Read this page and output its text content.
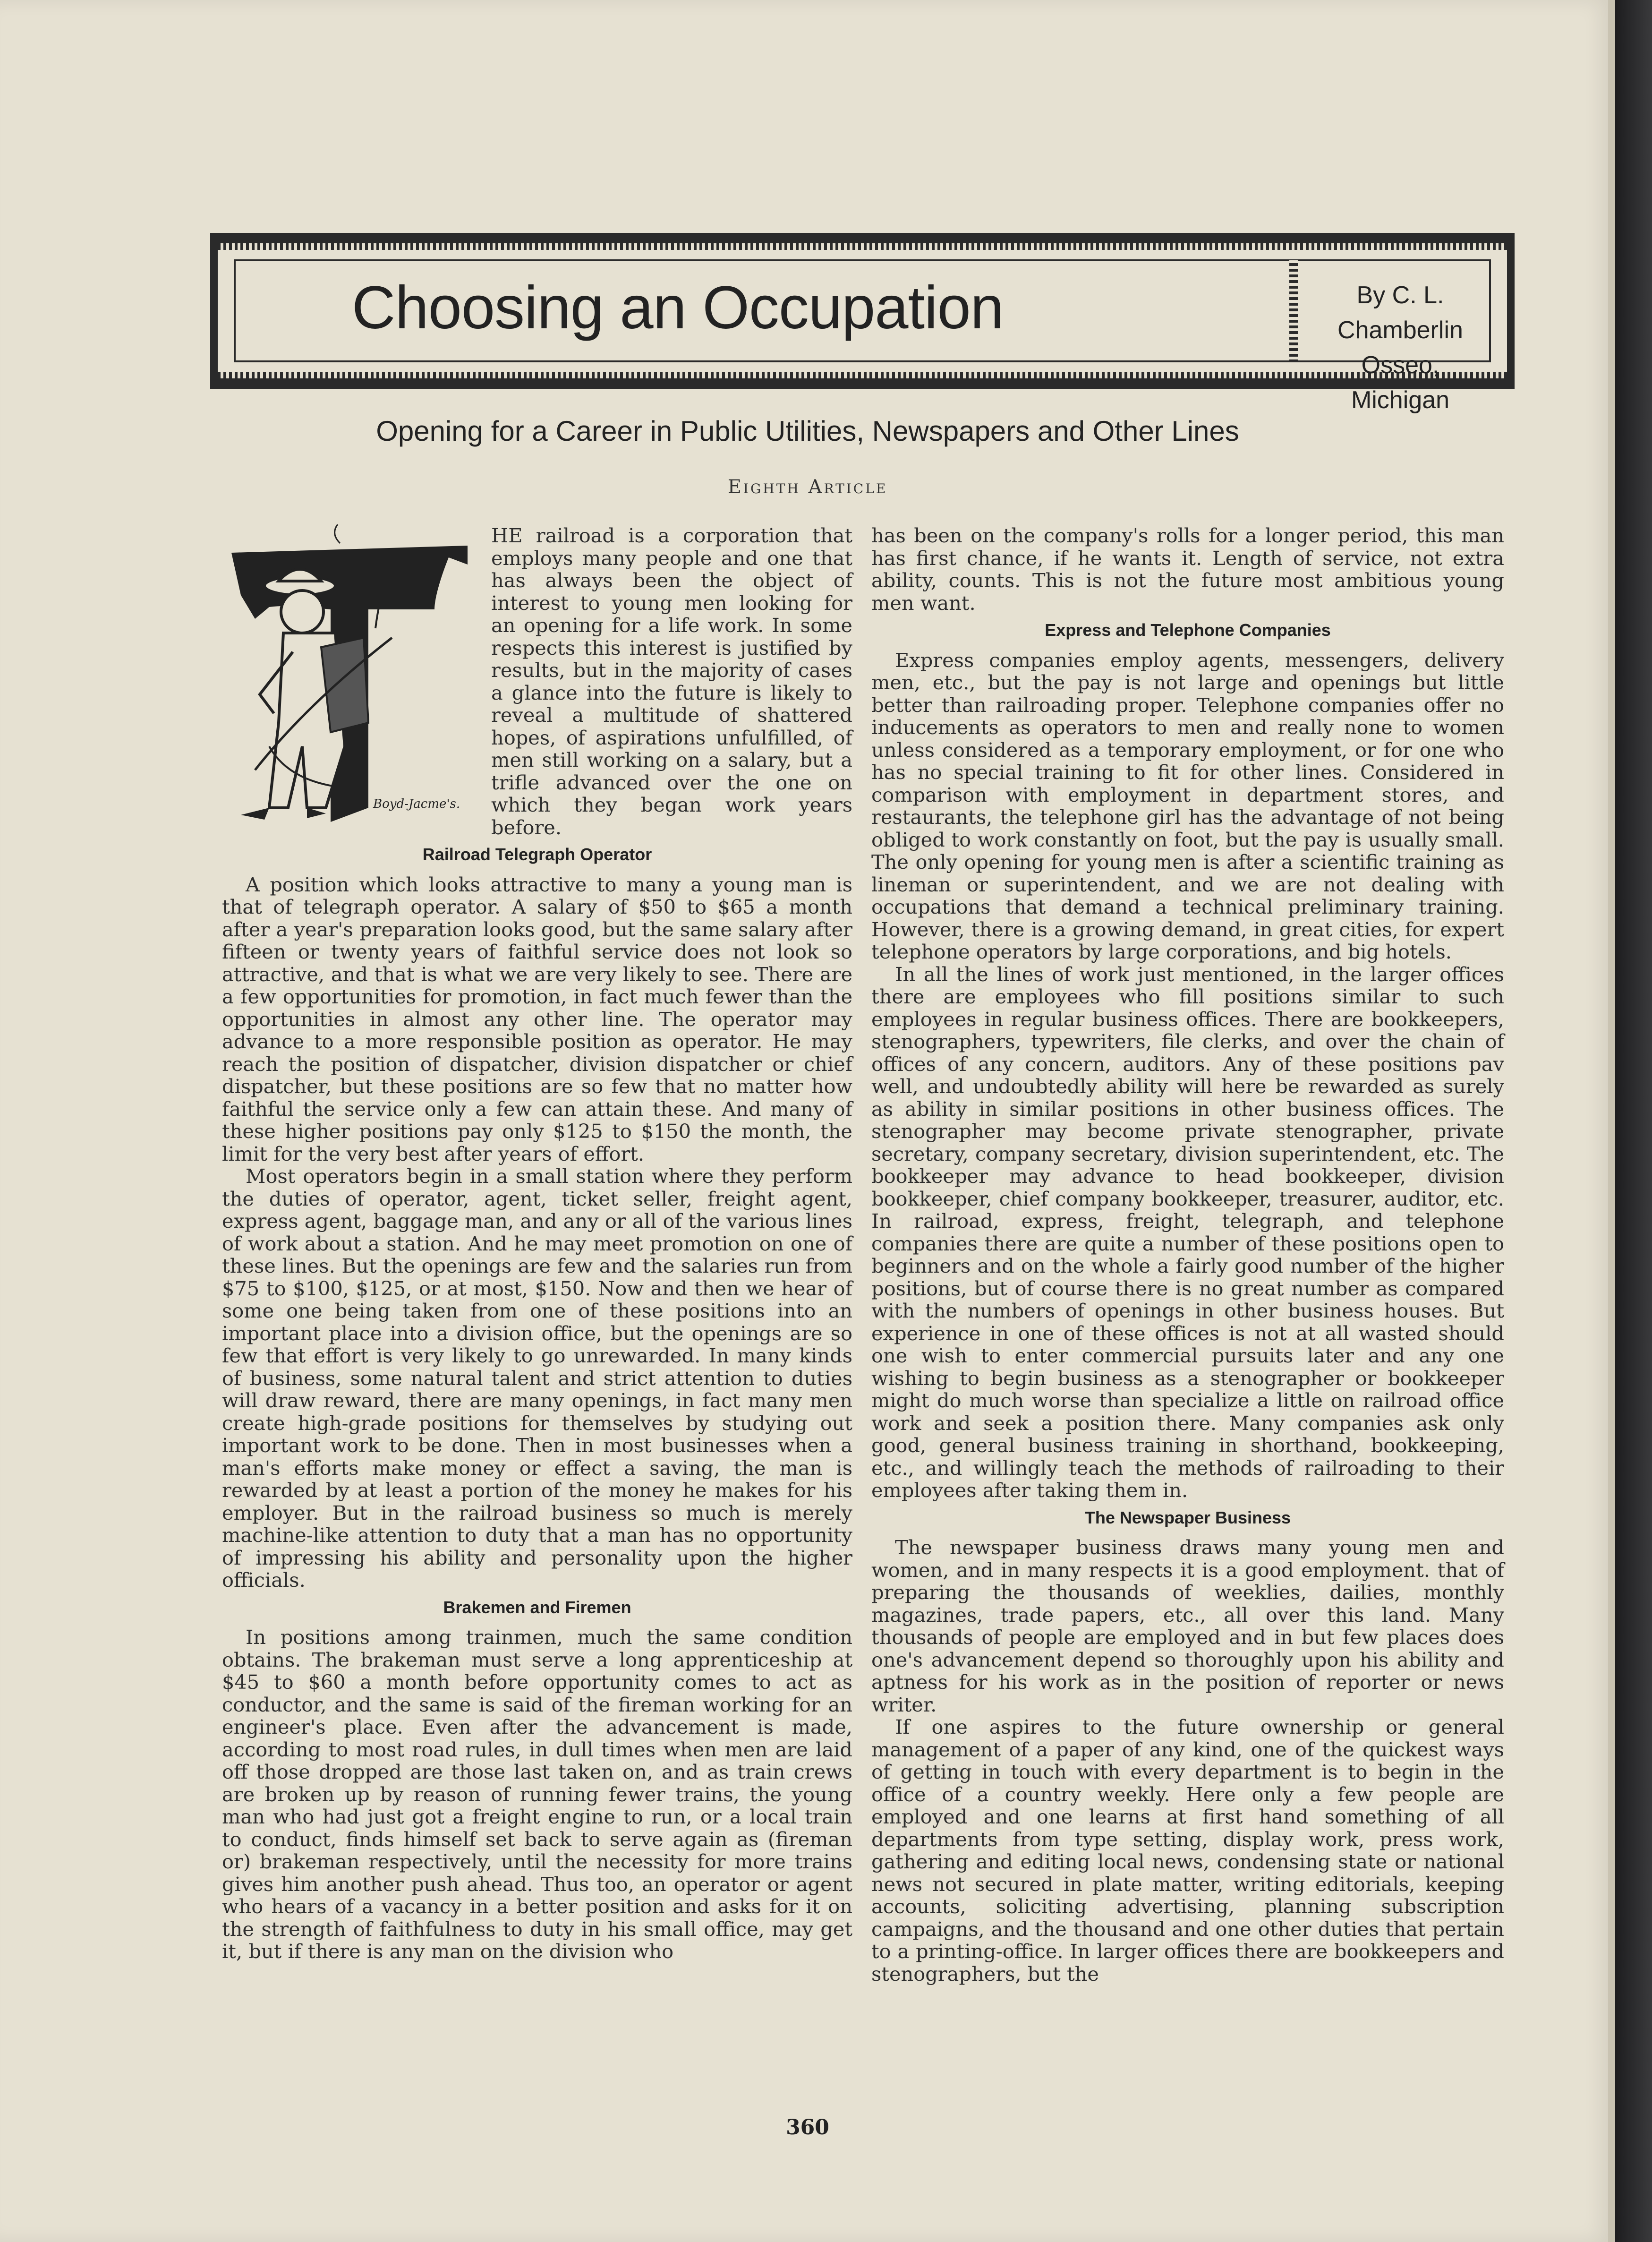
Choosing an Occupation	By C. L. Chamberlin
Osseo, Michigan
Opening for a Career in Public Utilities, Newspapers and Other Lines
Eighth Article
Boyd-Jacme's.

HE railroad is a corporation that employs many people and one that has always been the object of interest to young men looking for an opening for a life work. In some respects this interest is justified by results, but in the majority of cases a glance into the future is likely to reveal a multitude of shattered hopes, of aspirations unfulfilled, of men still working on a salary, but a trifle advanced over the one on which they began work years before.

Railroad Telegraph Operator

A position which looks attractive to many a young man is that of telegraph operator. A salary of $50 to $65 a month after a year's preparation looks good, but the same salary after fifteen or twenty years of faithful service does not look so attractive, and that is what we are very likely to see. There are a few opportunities for promotion, in fact much fewer than the opportunities in almost any other line. The operator may advance to a more responsible position as operator. He may reach the position of dispatcher, division dispatcher or chief dispatcher, but these positions are so few that no matter how faithful the service only a few can attain these. And many of these higher positions pay only $125 to $150 the month, the limit for the very best after years of effort.

Most operators begin in a small station where they perform the duties of operator, agent, ticket seller, freight agent, express agent, baggage man, and any or all of the various lines of work about a station. And he may meet promotion on one of these lines. But the openings are few and the salaries run from $75 to $100, $125, or at most, $150. Now and then we hear of some one being taken from one of these positions into an important place into a division office, but the openings are so few that effort is very likely to go unrewarded. In many kinds of business, some natural talent and strict attention to duties will draw reward, there are many openings, in fact many men create high-grade positions for themselves by studying out important work to be done. Then in most businesses when a man's efforts make money or effect a saving, the man is rewarded by at least a portion of the money he makes for his employer. But in the railroad business so much is merely machine-like attention to duty that a man has no opportunity of impressing his ability and personality upon the higher officials.

Brakemen and Firemen

In positions among trainmen, much the same condition obtains. The brakeman must serve a long apprenticeship at $45 to $60 a month before opportunity comes to act as conductor, and the same is said of the fireman working for an engineer's place. Even after the advancement is made, according to most road rules, in dull times when men are laid off those dropped are those last taken on, and as train crews are broken up by reason of running fewer trains, the young man who had just got a freight engine to run, or a local train to conduct, finds himself set back to serve again as (fireman or) brakeman respectively, until the necessity for more trains gives him another push ahead. Thus too, an operator or agent who hears of a vacancy in a better position and asks for it on the strength of faithfulness to duty in his small office, may get it, but if there is any man on the division who

has been on the company's rolls for a longer period, this man has first chance, if he wants it. Length of service, not extra ability, counts. This is not the future most ambitious young men want.

Express and Telephone Companies

Express companies employ agents, messengers, delivery men, etc., but the pay is not large and openings but little better than railroading proper. Telephone companies offer no inducements as operators to men and really none to women unless considered as a temporary employment, or for one who has no special training to fit for other lines. Considered in comparison with employment in department stores, and restaurants, the telephone girl has the advantage of not being obliged to work constantly on foot, but the pay is usually small. The only opening for young men is after a scientific training as lineman or superintendent, and we are not dealing with occupations that demand a technical preliminary training. However, there is a growing demand, in great cities, for expert telephone operators by large corporations, and big hotels.

In all the lines of work just mentioned, in the larger offices there are employees who fill positions similar to such employees in regular business offices. There are bookkeepers, stenographers, typewriters, file clerks, and over the chain of offices of any concern, auditors. Any of these positions pav well, and undoubtedly ability will here be rewarded as surely as ability in similar positions in other business offices. The stenographer may become private stenographer, private secretary, company secretary, division superintendent, etc. The bookkeeper may advance to head bookkeeper, division bookkeeper, chief company bookkeeper, treasurer, auditor, etc. In railroad, express, freight, telegraph, and telephone companies there are quite a number of these positions open to beginners and on the whole a fairly good number of the higher positions, but of course there is no great number as compared with the numbers of openings in other business houses. But experience in one of these offices is not at all wasted should one wish to enter commercial pursuits later and any one wishing to begin business as a stenographer or bookkeeper might do much worse than specialize a little on railroad office work and seek a position there. Many companies ask only good, general business training in shorthand, bookkeeping, etc., and willingly teach the methods of railroading to their employees after taking them in.

The Newspaper Business

The newspaper business draws many young men and women, and in many respects it is a good employment. that of preparing the thousands of weeklies, dailies, monthly magazines, trade papers, etc., all over this land. Many thousands of people are employed and in but few places does one's advancement depend so thoroughly upon his ability and aptness for his work as in the position of reporter or news writer.

If one aspires to the future ownership or general management of a paper of any kind, one of the quickest ways of getting in touch with every department is to begin in the office of a country weekly. Here only a few people are employed and one learns at first hand something of all departments from type setting, display work, press work, gathering and editing local news, condensing state or national news not secured in plate matter, writing editorials, keeping accounts, soliciting advertising, planning subscription campaigns, and the thousand and one other duties that pertain to a printing-office. In larger offices there are bookkeepers and stenographers, but the

360
